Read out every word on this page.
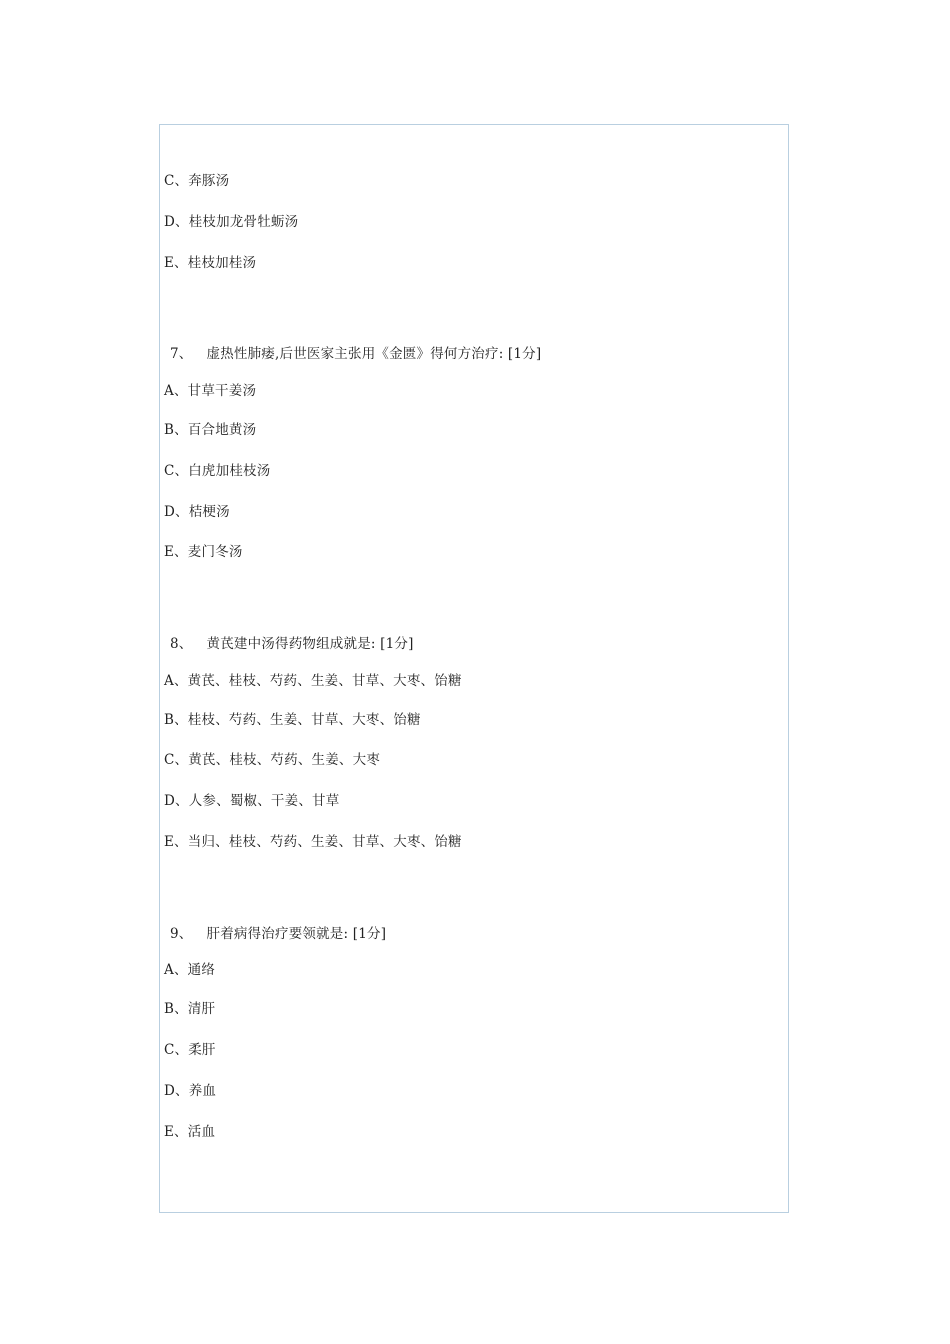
C、奔豚汤
D、桂枝加龙骨牡蛎汤
E、桂枝加桂汤
7、 虚热性肺痿,后世医家主张用《金匮》得何方治疗: [1分]
A、甘草干姜汤
B、百合地黄汤
C、白虎加桂枝汤
D、桔梗汤
E、麦门冬汤
8、 黄芪建中汤得药物组成就是: [1分]
A、黄芪、桂枝、芍药、生姜、甘草、大枣、饴糖
B、桂枝、芍药、生姜、甘草、大枣、饴糖
C、黄芪、桂枝、芍药、生姜、大枣
D、人参、蜀椒、干姜、甘草
E、当归、桂枝、芍药、生姜、甘草、大枣、饴糖
9、 肝着病得治疗要领就是: [1分]
A、通络
B、清肝
C、柔肝
D、养血
E、活血
